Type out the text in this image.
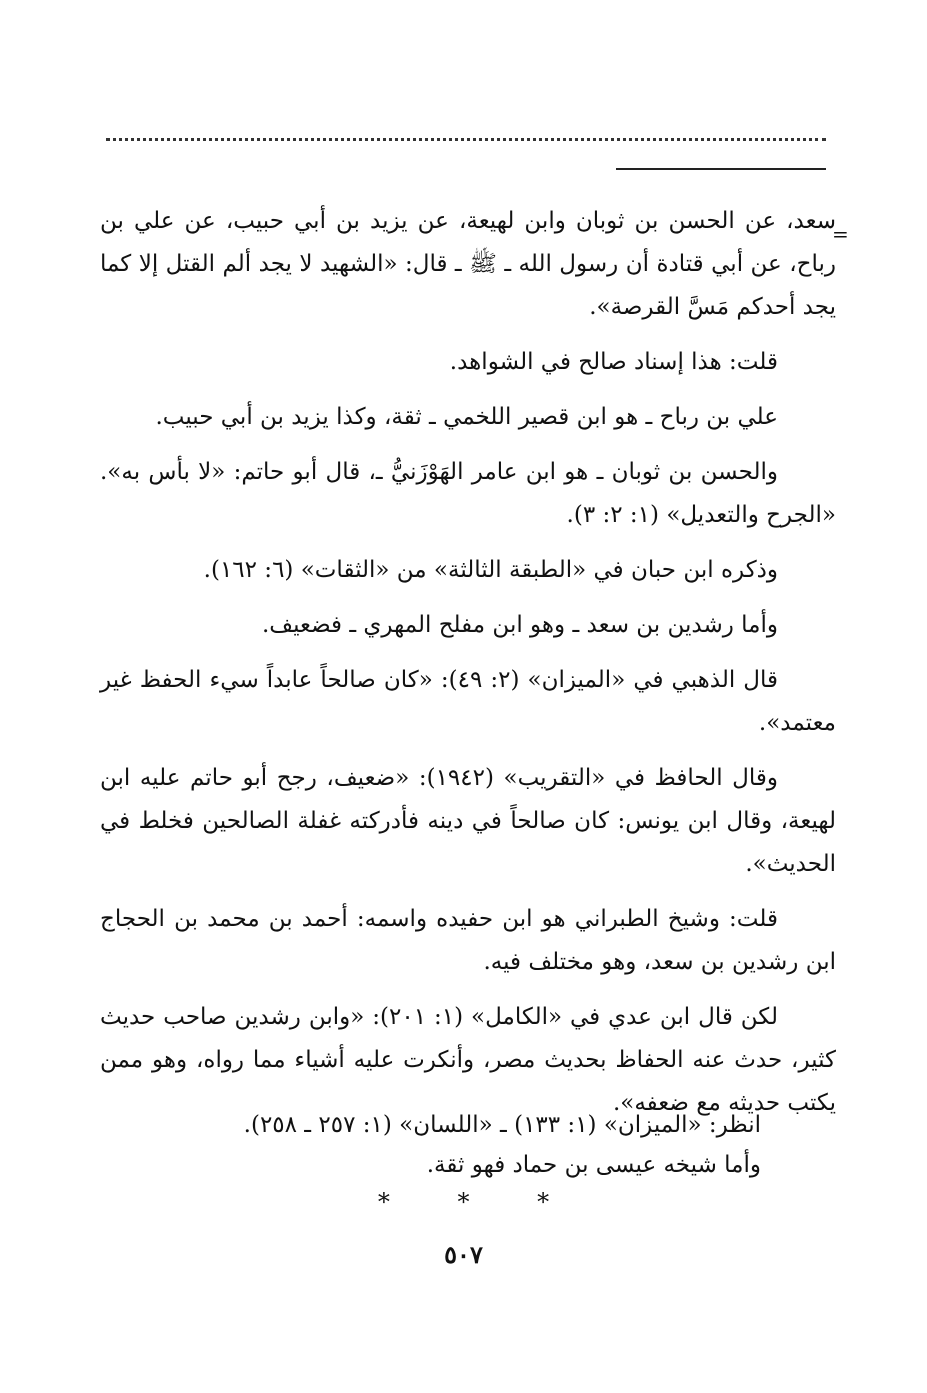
=

سعد، عن الحسن بن ثوبان وابن لهيعة، عن يزيد بن أبي حبيب، عن علي بن رباح، عن أبي قتادة أن رسول الله ـ ﷺ ـ قال: «الشهيد لا يجد ألم القتل إلا كما يجد أحدكم مَسَّ القرصة».

قلت: هذا إسناد صالح في الشواهد.

علي بن رباح ـ هو ابن قصير اللخمي ـ ثقة، وكذا يزيد بن أبي حبيب.

والحسن بن ثوبان ـ هو ابن عامر الهَوْزَنيُّ ـ، قال أبو حاتم: «لا بأس به». «الجرح والتعديل» (١: ٢: ٣).

وذكره ابن حبان في «الطبقة الثالثة» من «الثقات» (٦: ١٦٢).

وأما رشدين بن سعد ـ وهو ابن مفلح المهري ـ فضعيف.

قال الذهبي في «الميزان» (٢: ٤٩): «كان صالحاً عابداً سيء الحفظ غير معتمد».

وقال الحافظ في «التقريب» (١٩٤٢): «ضعيف، رجح أبو حاتم عليه ابن لهيعة، وقال ابن يونس: كان صالحاً في دينه فأدركته غفلة الصالحين فخلط في الحديث».

قلت: وشيخ الطبراني هو ابن حفيده واسمه: أحمد بن محمد بن الحجاج ابن رشدين بن سعد، وهو مختلف فيه.

لكن قال ابن عدي في «الكامل» (١: ٢٠١): «وابن رشدين صاحب حديث كثير، حدث عنه الحفاظ بحديث مصر، وأنكرت عليه أشياء مما رواه، وهو ممن يكتب حديثه مع ضعفه».

انظر: «الميزان» (١: ١٣٣) ـ «اللسان» (١: ٢٥٧ ـ ٢٥٨).

وأما شيخه عيسى بن حماد فهو ثقة.

*	*	*
٥٠٧
